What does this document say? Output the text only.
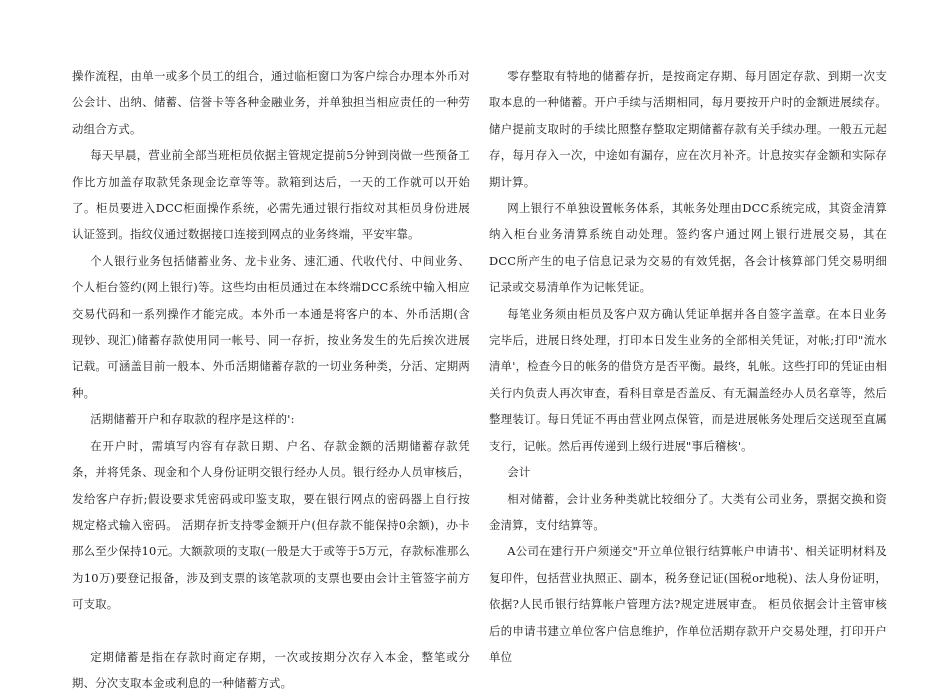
操作流程，由单一或多个员工的组合，通过临柜窗口为客户综合办理本外币对公会计、出纳、储蓄、信誉卡等各种金融业务，并单独担当相应责任的一种劳动组合方式。

每天早晨，营业前全部当班柜员依据主管规定提前5分钟到岗做一些预备工作比方加盖存取款凭条现金讫章等等。款箱到达后，一天的工作就可以开始了。柜员要进入DCC柜面操作系统，必需先通过银行指纹对其柜员身份进展认证签到。指纹仪通过数据接口连接到网点的业务终端，平安牢靠。

个人银行业务包括储蓄业务、龙卡业务、速汇通、代收代付、中间业务、个人柜台签约(网上银行)等。这些均由柜员通过在本终端DCC系统中输入相应交易代码和一系列操作才能完成。本外币一本通是将客户的本、外币活期(含现钞、现汇)储蓄存款使用同一帐号、同一存折，按业务发生的先后挨次进展记载。可涵盖目前一般本、外币活期储蓄存款的一切业务种类，分活、定期两种。

活期储蓄开户和存取款的程序是这样的':

在开户时，需填写内容有存款日期、户名、存款金额的活期储蓄存款凭条，并将凭条、现金和个人身份证明交银行经办人员。银行经办人员审核后，发给客户存折;假设要求凭密码或印鉴支取，要在银行网点的密码器上自行按规定格式输入密码。 活期存折支持零金额开户(但存款不能保持0余额)，办卡那么至少保持10元。大额款项的支取(一般是大于或等于5万元，存款标准那么为10万)要登记报备，涉及到支票的该笔款项的支票也要由会计主管签字前方可支取。

定期储蓄是指在存款时商定存期，一次或按期分次存入本金，整笔或分期、分次支取本金或利息的一种储蓄方式。

零存整取有特地的储蓄存折，是按商定存期、每月固定存款、到期一次支取本息的一种储蓄。开户手续与活期相同，每月要按开户时的金额进展续存。储户提前支取时的手续比照整存整取定期储蓄存款有关手续办理。一般五元起存，每月存入一次，中途如有漏存，应在次月补齐。计息按实存金额和实际存期计算。

网上银行不单独设置帐务体系，其帐务处理由DCC系统完成，其资金清算纳入柜台业务清算系统自动处理。签约客户通过网上银行进展交易，其在DCC所产生的电子信息记录为交易的有效凭据，各会计核算部门凭交易明细记录或交易清单作为记帐凭证。

每笔业务须由柜员及客户双方确认凭证单据并各自签字盖章。在本日业务完毕后，进展日终处理，打印本日发生业务的全部相关凭证，对帐;打印"流水清单'，检查今日的帐务的借贷方是否平衡。最终，轧帐。这些打印的凭证由相关行内负责人再次审查，看科目章是否盖反、有无漏盖经办人员名章等，然后整理装订。每日凭证不再由营业网点保管，而是进展帐务处理后交送现至直属支行，记帐。然后再传递到上级行进展"事后稽核'。

会计

相对储蓄，会计业务种类就比较细分了。大类有公司业务，票据交换和资金清算，支付结算等。

A公司在建行开户须递交"开立单位银行结算帐户申请书'、相关证明材料及复印件，包括营业执照正、副本，税务登记证(国税or地税)、法人身份证明，依据?人民币银行结算帐户管理方法?规定进展审查。 柜员依据会计主管审核后的申请书建立单位客户信息维护，作单位活期存款开户交易处理，打印开户单位
